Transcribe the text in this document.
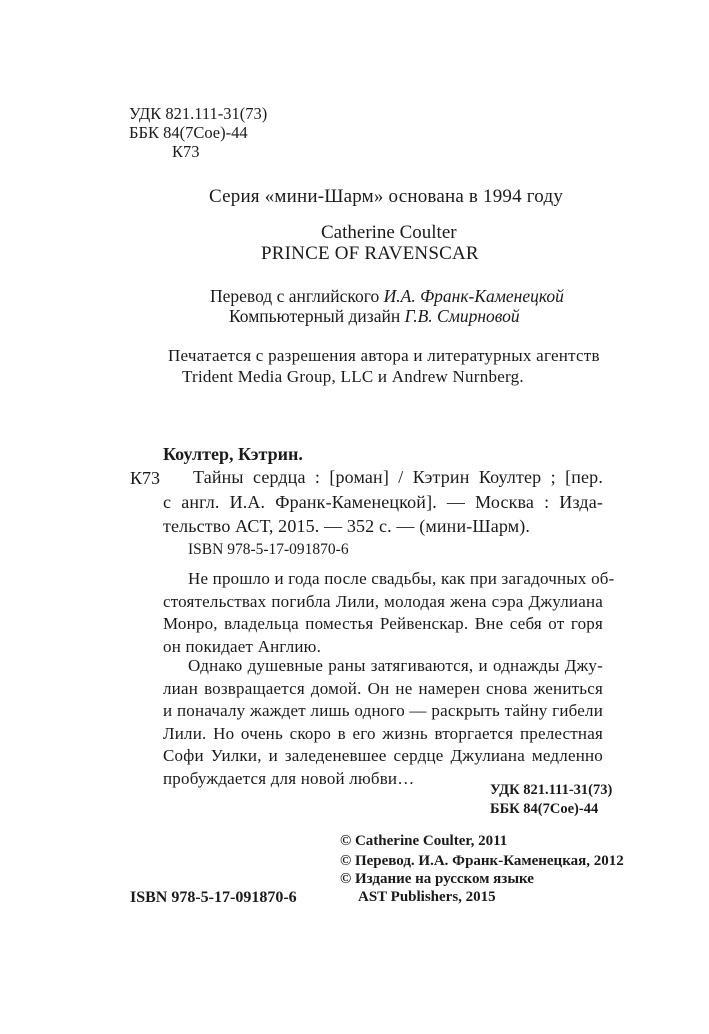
УДК 821.111-31(73)
ББК 84(7Сое)-44
К73
Серия «мини-Шарм» основана в 1994 году
Catherine Coulter
PRINCE OF RAVENSCAR
Перевод с английского И.А. Франк-Каменецкой
Компьютерный дизайн Г.В. Смирновой
Печатается с разрешения автора и литературных агентств
Trident Media Group, LLC и Andrew Nurnberg.
Коултер, Кэтрин.
К73	Тайны сердца : [роман] / Кэтрин Коултер ; [пер.
с англ. И.А. Франк-Каменецкой]. — Москва : Изда-
тельство АСТ, 2015. — 352 с. — (мини-Шарм).
ISBN 978-5-17-091870-6
Не прошло и года после свадьбы, как при загадочных об-
стоятельствах погибла Лили, молодая жена сэра Джулиана
Монро, владельца поместья Рейвенскар. Вне себя от горя
он покидает Англию.
Однако душевные раны затягиваются, и однажды Джу-
лиан возвращается домой. Он не намерен снова жениться
и поначалу жаждет лишь одного — раскрыть тайну гибели
Лили. Но очень скоро в его жизнь вторгается прелестная
Софи Уилки, и заледеневшее сердце Джулиана медленно
пробуждается для новой любви…
УДК 821.111-31(73)
ББК 84(7Сое)-44
© Catherine Coulter, 2011
© Перевод. И.А. Франк-Каменецкая, 2012
© Издание на русском языке
AST Publishers, 2015
ISBN 978-5-17-091870-6
